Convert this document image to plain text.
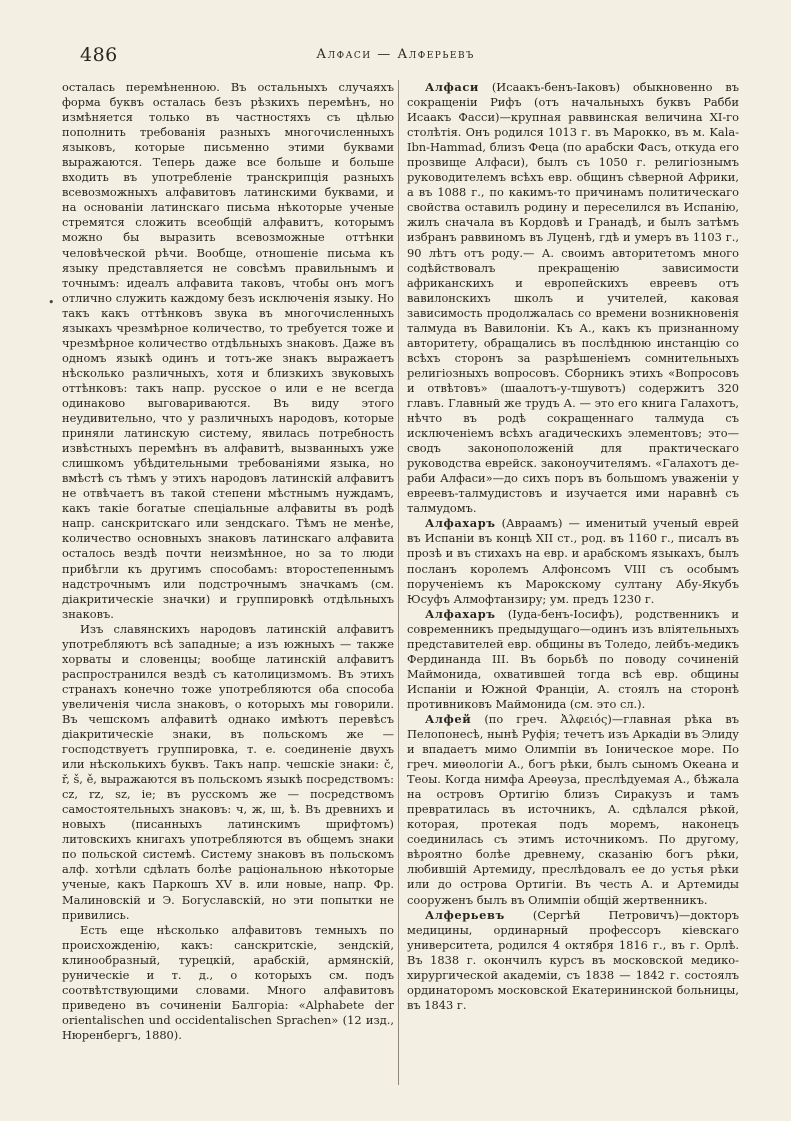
486	Алфаси — Алферьевъ
•

осталась перемѣненною. Въ остальныхъ случаяхъ форма буквъ осталась безъ рѣзкихъ перемѣнъ, но измѣняется только въ частностяхъ съ цѣлью пополнить требованія разныхъ многочисленныхъ языковъ, которые письменно этими буквами выражаются. Теперь даже все больше и больше входить въ употребленіе транскрипція разныхъ всевозможныхъ алфавитовъ латинскими буквами, и на основаніи латинскаго письма нѣкоторые ученые стремятся сложить всеобщій алфавитъ, которымъ можно бы выразить всевозможные оттѣнки человѣческой рѣчи. Вообще, отношеніе письма къ языку представляется не совсѣмъ правильнымъ и точнымъ: идеалъ алфавита таковъ, чтобы онъ могъ отлично служить каждому безъ исключенія языку. Но такъ какъ оттѣнковъ звука въ многочисленныхъ языкахъ чрезмѣрное количество, то требуется тоже и чрезмѣрное количество отдѣльныхъ знаковъ. Даже въ одномъ языкѣ одинъ и тотъ-же знакъ выражаетъ нѣсколько различныхъ, хотя и близкихъ звуковыхъ оттѣнковъ: такъ напр. русское о или е не всегда одинаково выговариваются. Въ виду этого неудивительно, что у различныхъ народовъ, которые приняли латинскую систему, явилась потребность извѣстныхъ перемѣнъ въ алфавитѣ, вызванныхъ уже слишкомъ убѣдительными требованіями языка, но вмѣстѣ съ тѣмъ у этихъ народовъ латинскій алфавитъ не отвѣчаетъ въ такой степени мѣстнымъ нуждамъ, какъ такіе богатые спеціальные алфавиты въ родѣ напр. санскритскаго или зендскаго. Тѣмъ не менѣе, количество основныхъ знаковъ латинскаго алфавита осталось вездѣ почти неизмѣнное, но за то люди прибѣгли къ другимъ способамъ: второстепеннымъ надстрочнымъ или подстрочнымъ значкамъ (см. діакритическіе значки) и группировкѣ отдѣльныхъ знаковъ.

Изъ славянскихъ народовъ латинскій алфавитъ употребляютъ всѣ западные; а изъ южныхъ — также хорваты и словенцы; вообще латинскій алфавитъ распространился вездѣ съ католицизмомъ. Въ этихъ странахъ конечно тоже употребляются оба способа увеличенія числа знаковъ, о которыхъ мы говорили. Въ чешскомъ алфавитѣ однако имѣютъ перевѣсъ діакритическіе знаки, въ польскомъ же — господствуетъ группировка, т. е. соединеніе двухъ или нѣсколькихъ буквъ. Такъ напр. чешскіе знаки: č, ř, š, ě, выражаются въ польскомъ языкѣ посредствомъ: cz, rz, sz, ie; въ русскомъ же — посредствомъ самостоятельныхъ знаковъ: ч, ж, ш, ѣ. Въ древнихъ и новыхъ (писанныхъ латинскимъ шрифтомъ) литовскихъ книгахъ употребляются въ общемъ знаки по польской системѣ. Систему знаковъ въ польскомъ алф. хотѣли сдѣлать болѣе раціональною нѣкоторые ученые, какъ Паркошъ XV в. или новые, напр. Фр. Малиновскій и Э. Богуславскій, но эти попытки не привились.

Есть еще нѣсколько алфавитовъ темныхъ по происхожденію, какъ: санскритскіе, зендскій, клинообразный, турецкій, арабскій, армянскій, руническіе и т. д., о которыхъ см. подъ соотвѣтствующими словами. Много алфавитовъ приведено въ сочиненіи Балгоріа: «Alphabete der orientalischen und occidentalischen Sprachen» (12 изд., Нюренбергъ, 1880).

Алфаси (Исаакъ-бенъ-Іаковъ) обыкновенно въ сокращеніи Рифъ (отъ начальныхъ буквъ Рабби Исаакъ Фасси)—крупная раввинская величина XI-го столѣтія. Онъ родился 1013 г. въ Марокко, въ м. Kala-Ibn-Hammad, близъ Феца (по арабски Фасъ, откуда его прозвище Алфаси), былъ съ 1050 г. религіознымъ руководителемъ всѣхъ евр. общинъ сѣверной Африки, а въ 1088 г., по какимъ-то причинамъ политическаго свойства оставилъ родину и переселился въ Испанію, жилъ сначала въ Кордовѣ и Гранадѣ, и былъ затѣмъ избранъ раввиномъ въ Луценѣ, гдѣ и умеръ въ 1103 г., 90 лѣтъ отъ роду.— А. своимъ авторитетомъ много содѣйствовалъ прекращенію зависимости африканскихъ и европейскихъ евреевъ отъ вавилонскихъ школъ и учителей, каковая зависимость продолжалась со времени возникновенія талмуда въ Вавилоніи. Къ А., какъ къ признанному авторитету, обращались въ послѣднюю инстанцію со всѣхъ сторонъ за разрѣшеніемъ сомнительныхъ религіозныхъ вопросовъ. Сборникъ этихъ «Вопросовъ и отвѣтовъ» (шаалотъ-у-тшувотъ) содержитъ 320 главъ. Главный же трудъ А. — это его книга Галахотъ, нѣчто въ родѣ сокращеннаго талмуда съ исключеніемъ всѣхъ агадическихъ элементовъ; это—сводъ законоположеній для практическаго руководства еврейск. законоучителямъ. «Галахотъ де-раби Алфаси»—до сихъ поръ въ большомъ уваженіи у евреевъ-талмудистовъ и изучается ими наравнѣ съ талмудомъ.

Алфахаръ (Авраамъ) — именитый ученый еврей въ Испаніи въ концѣ XII ст., род. въ 1160 г., писалъ въ прозѣ и въ стихахъ на евр. и арабскомъ языкахъ, былъ посланъ королемъ Алфонсомъ VIII съ особымъ порученіемъ къ Марокскому султану Абу-Якубъ Юсуфъ Алмофтанзиру; ум. предъ 1230 г.

Алфахаръ (Іуда-бенъ-Іосифъ), родственникъ и современникъ предыдущаго—одинъ изъ вліятельныхъ представителей евр. общины въ Толедо, лейбъ-медикъ Фердинанда III. Въ борьбѣ по поводу сочиненій Маймонида, охватившей тогда всѣ евр. общины Испаніи и Южной Франціи, А. стоялъ на сторонѣ противниковъ Маймонида (см. это сл.).

Алфей (по греч. Ἀλφειός)—главная рѣка въ Пелопонесѣ, нынѣ Руфія; течетъ изъ Аркадіи въ Элиду и впадаетъ мимо Олимпіи въ Іоническое море. По греч. миѳологіи А., богъ рѣки, былъ сыномъ Океана и Теоы. Когда нимфа Ареѳуза, преслѣдуемая А., бѣжала на островъ Ортигію близъ Сиракузъ и тамъ превратилась въ источникъ, А. сдѣлался рѣкой, которая, протекая подъ моремъ, наконецъ соединилась съ этимъ источникомъ. По другому, вѣроятно болѣе древнему, сказанію богъ рѣки, любившій Артемиду, преслѣдовалъ ее до устья рѣки или до острова Ортигіи. Въ честь А. и Артемиды сооруженъ былъ въ Олимпіи общій жертвенникъ.

Алферьевъ (Сергѣй Петровичъ)—докторъ медицины, ординарный профессоръ кіевскаго университета, родился 4 октября 1816 г., въ г. Орлѣ. Въ 1838 г. окончилъ курсъ въ московской медико-хирургической академіи, съ 1838 — 1842 г. состоялъ ординаторомъ московской Екатерининской больницы, въ 1843 г.
